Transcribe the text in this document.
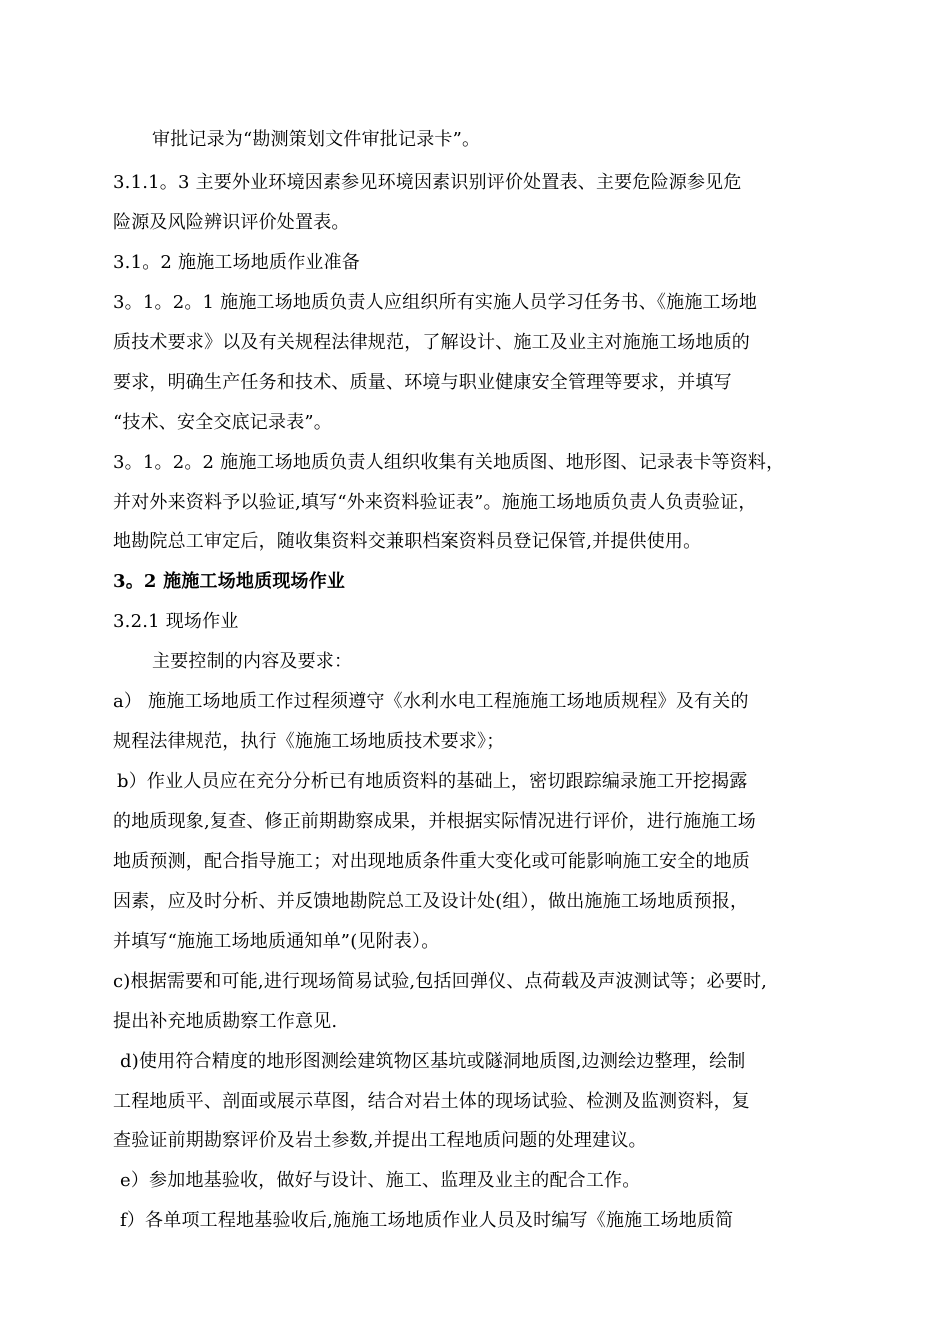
审批记录为“勘测策划文件审批记录卡”。
3.1.1。3 主要外业环境因素参见环境因素识别评价处置表、主要危险源参见危
险源及风险辨识评价处置表。
3.1。2 施施工场地质作业准备
3。1。2。1 施施工场地质负责人应组织所有实施人员学习任务书、《施施工场地
质技术要求》以及有关规程法律规范，了解设计、施工及业主对施施工场地质的
要求，明确生产任务和技术、质量、环境与职业健康安全管理等要求，并填写
“技术、安全交底记录表”。
3。1。2。2 施施工场地质负责人组织收集有关地质图、地形图、记录表卡等资料，
并对外来资料予以验证,填写“外来资料验证表”。施施工场地质负责人负责验证，
地勘院总工审定后，随收集资料交兼职档案资料员登记保管,并提供使用。
3。2 施施工场地质现场作业
3.2.1 现场作业
主要控制的内容及要求：
a） 施施工场地质工作过程须遵守《水利水电工程施施工场地质规程》及有关的
规程法律规范，执行《施施工场地质技术要求》；
b）作业人员应在充分分析已有地质资料的基础上，密切跟踪编录施工开挖揭露
的地质现象,复查、修正前期勘察成果，并根据实际情况进行评价，进行施施工场
地质预测，配合指导施工；对出现地质条件重大变化或可能影响施工安全的地质
因素，应及时分析、并反馈地勘院总工及设计处(组），做出施施工场地质预报，
并填写“施施工场地质通知单”(见附表）。
c)根据需要和可能,进行现场简易试验,包括回弹仪、点荷载及声波测试等；必要时,
提出补充地质勘察工作意见.
d)使用符合精度的地形图测绘建筑物区基坑或隧洞地质图,边测绘边整理，绘制
工程地质平、剖面或展示草图，结合对岩土体的现场试验、检测及监测资料，复
查验证前期勘察评价及岩土参数,并提出工程地质问题的处理建议。
e）参加地基验收，做好与设计、施工、监理及业主的配合工作。
f）各单项工程地基验收后,施施工场地质作业人员及时编写《施施工场地质简
